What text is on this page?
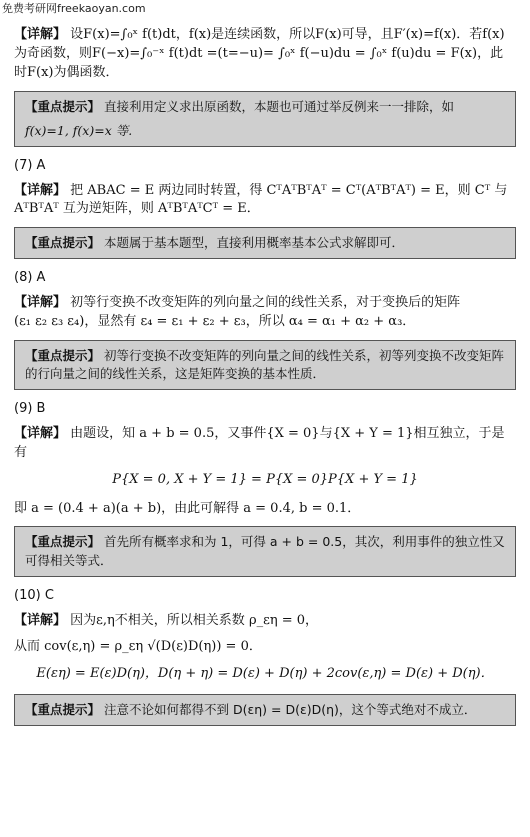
免费考研网freekaoyan.com

【详解】 设F(x)=∫₀ˣ f(t)dt，f(x)是连续函数，所以F(x)可导，且F′(x)=f(x)．若f(x)为奇函数，则F(−x)=∫₀⁻ˣ f(t)dt =(t=−u)= ∫₀ˣ f(−u)du = ∫₀ˣ f(u)du = F(x)，此时F(x)为偶函数．

【重点提示】 直接利用定义求出原函数，本题也可通过举反例来一一排除，如
f(x)=1, f(x)=x 等.
(7) A

【详解】 把 ABAC = E 两边同时转置，得 CᵀAᵀBᵀAᵀ = Cᵀ(AᵀBᵀAᵀ) = E，则 Cᵀ 与
AᵀBᵀAᵀ 互为逆矩阵，则 AᵀBᵀAᵀCᵀ = E．

【重点提示】 本题属于基本题型，直接利用概率基本公式求解即可．
(8) A

【详解】 初等行变换不改变矩阵的列向量之间的线性关系，对于变换后的矩阵
(ε₁ ε₂ ε₃ ε₄)，显然有 ε₄ = ε₁ + ε₂ + ε₃，所以 α₄ = α₁ + α₂ + α₃．

【重点提示】 初等行变换不改变矩阵的列向量之间的线性关系，初等列变换不改变矩阵的行向量之间的线性关系，这是矩阵变换的基本性质．
(9) B

【详解】 由题设，知 a + b = 0.5，又事件{X = 0}与{X + Y = 1}相互独立，于是有

P{X = 0, X + Y = 1} = P{X = 0}P{X + Y = 1}

即 a = (0.4 + a)(a + b)，由此可解得 a = 0.4, b = 0.1．

【重点提示】 首先所有概率求和为 1，可得 a + b = 0.5，其次，利用事件的独立性又可得相关等式．
(10) C

【详解】 因为ε,η不相关，所以相关系数 ρ_εη = 0，

从而 cov(ε,η) = ρ_εη √(D(ε)D(η)) = 0．

E(εη) = E(ε)D(η)，D(η + η) = D(ε) + D(η) + 2cov(ε,η) = D(ε) + D(η)．

【重点提示】 注意不论如何都得不到 D(εη) = D(ε)D(η)，这个等式绝对不成立．
